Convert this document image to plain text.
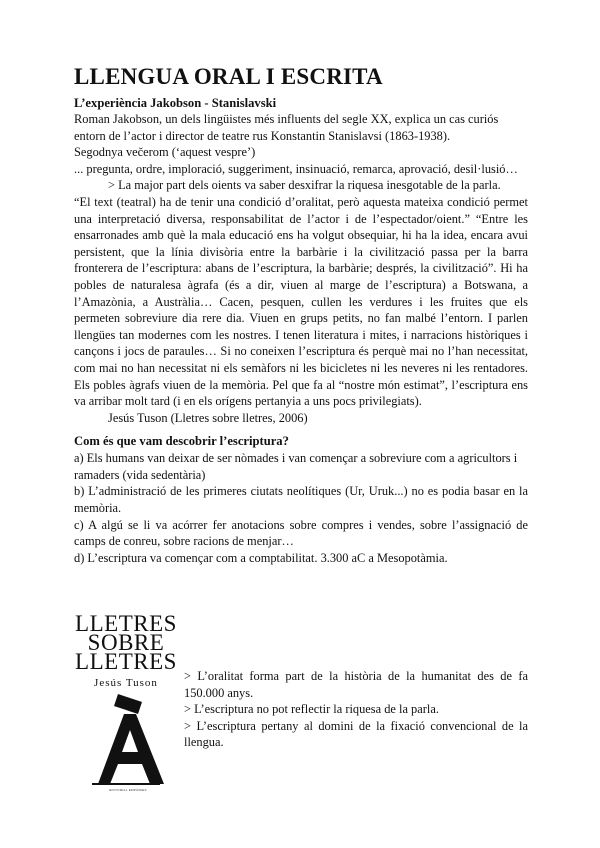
LLENGUA ORAL I ESCRITA
L’experiència Jakobson - Stanislavski

Roman Jakobson, un dels lingüistes més influents del segle XX, explica un cas curiós entorn de l’actor i director de teatre rus Konstantin Stanislavsi (1863-1938).

Segodnya večerom (‘aquest vespre’)

... pregunta, ordre, imploració, suggeriment, insinuació, remarca, aprovació, desil·lusió…

> La major part dels oients va saber desxifrar la riquesa inesgotable de la parla.

“El text (teatral) ha de tenir una condició d’oralitat, però aquesta mateixa condició permet una interpretació diversa, responsabilitat de l’actor i de l’espectador/oient.” “Entre les ensarronades amb què la mala educació ens ha volgut obsequiar, hi ha la idea, encara avui persistent, que la línia divisòria entre la barbàrie i la civilització passa per la barra fronterera de l’escriptura: abans de l’escriptura, la barbàrie; després, la civilització”. Hi ha pobles de naturalesa àgrafa (és a dir, viuen al marge de l’escriptura) a Botswana, a l’Amazònia, a Austràlia… Cacen, pesquen, cullen les verdures i les fruites que els permeten sobreviure dia rere dia. Viuen en grups petits, no fan malbé l’entorn. I parlen llengües tan modernes com les nostres. I tenen literatura i mites, i narracions històriques i cançons i jocs de paraules… Si no coneixen l’escriptura és perquè mai no l’han necessitat, com mai no han necessitat ni els semàfors ni les bicicletes ni les neveres ni les rentadores. Els pobles àgrafs viuen de la memòria. Pel que fa al “nostre món estimat”, l’escriptura ens va arribar molt tard (i en els orígens pertanyia a uns pocs privilegiats).

Jesús Tuson (Lletres sobre lletres, 2006)

Com és que vam descobrir l’escriptura?

a) Els humans van deixar de ser nòmades i van començar a sobreviure com a agricultors i ramaders (vida sedentària)

b) L’administració de les primeres ciutats neolítiques (Ur, Uruk...) no es podia basar en la memòria.

c) A algú se li va acórrer fer anotacions sobre compres i vendes, sobre l’assignació de camps de conreu, sobre racions de menjar…

d) L’escriptura va començar com a comptabilitat. 3.300 aC a Mesopotàmia.

LLETRES
SOBRE
LLETRES
Jesús Tuson
EDITORIAL EMPÚRIES

> L’oralitat forma part de la història de la humanitat des de fa 150.000 anys.

> L’escriptura no pot reflectir la riquesa de la parla.

> L’escriptura pertany al domini de la fixació convencional de la llengua.
